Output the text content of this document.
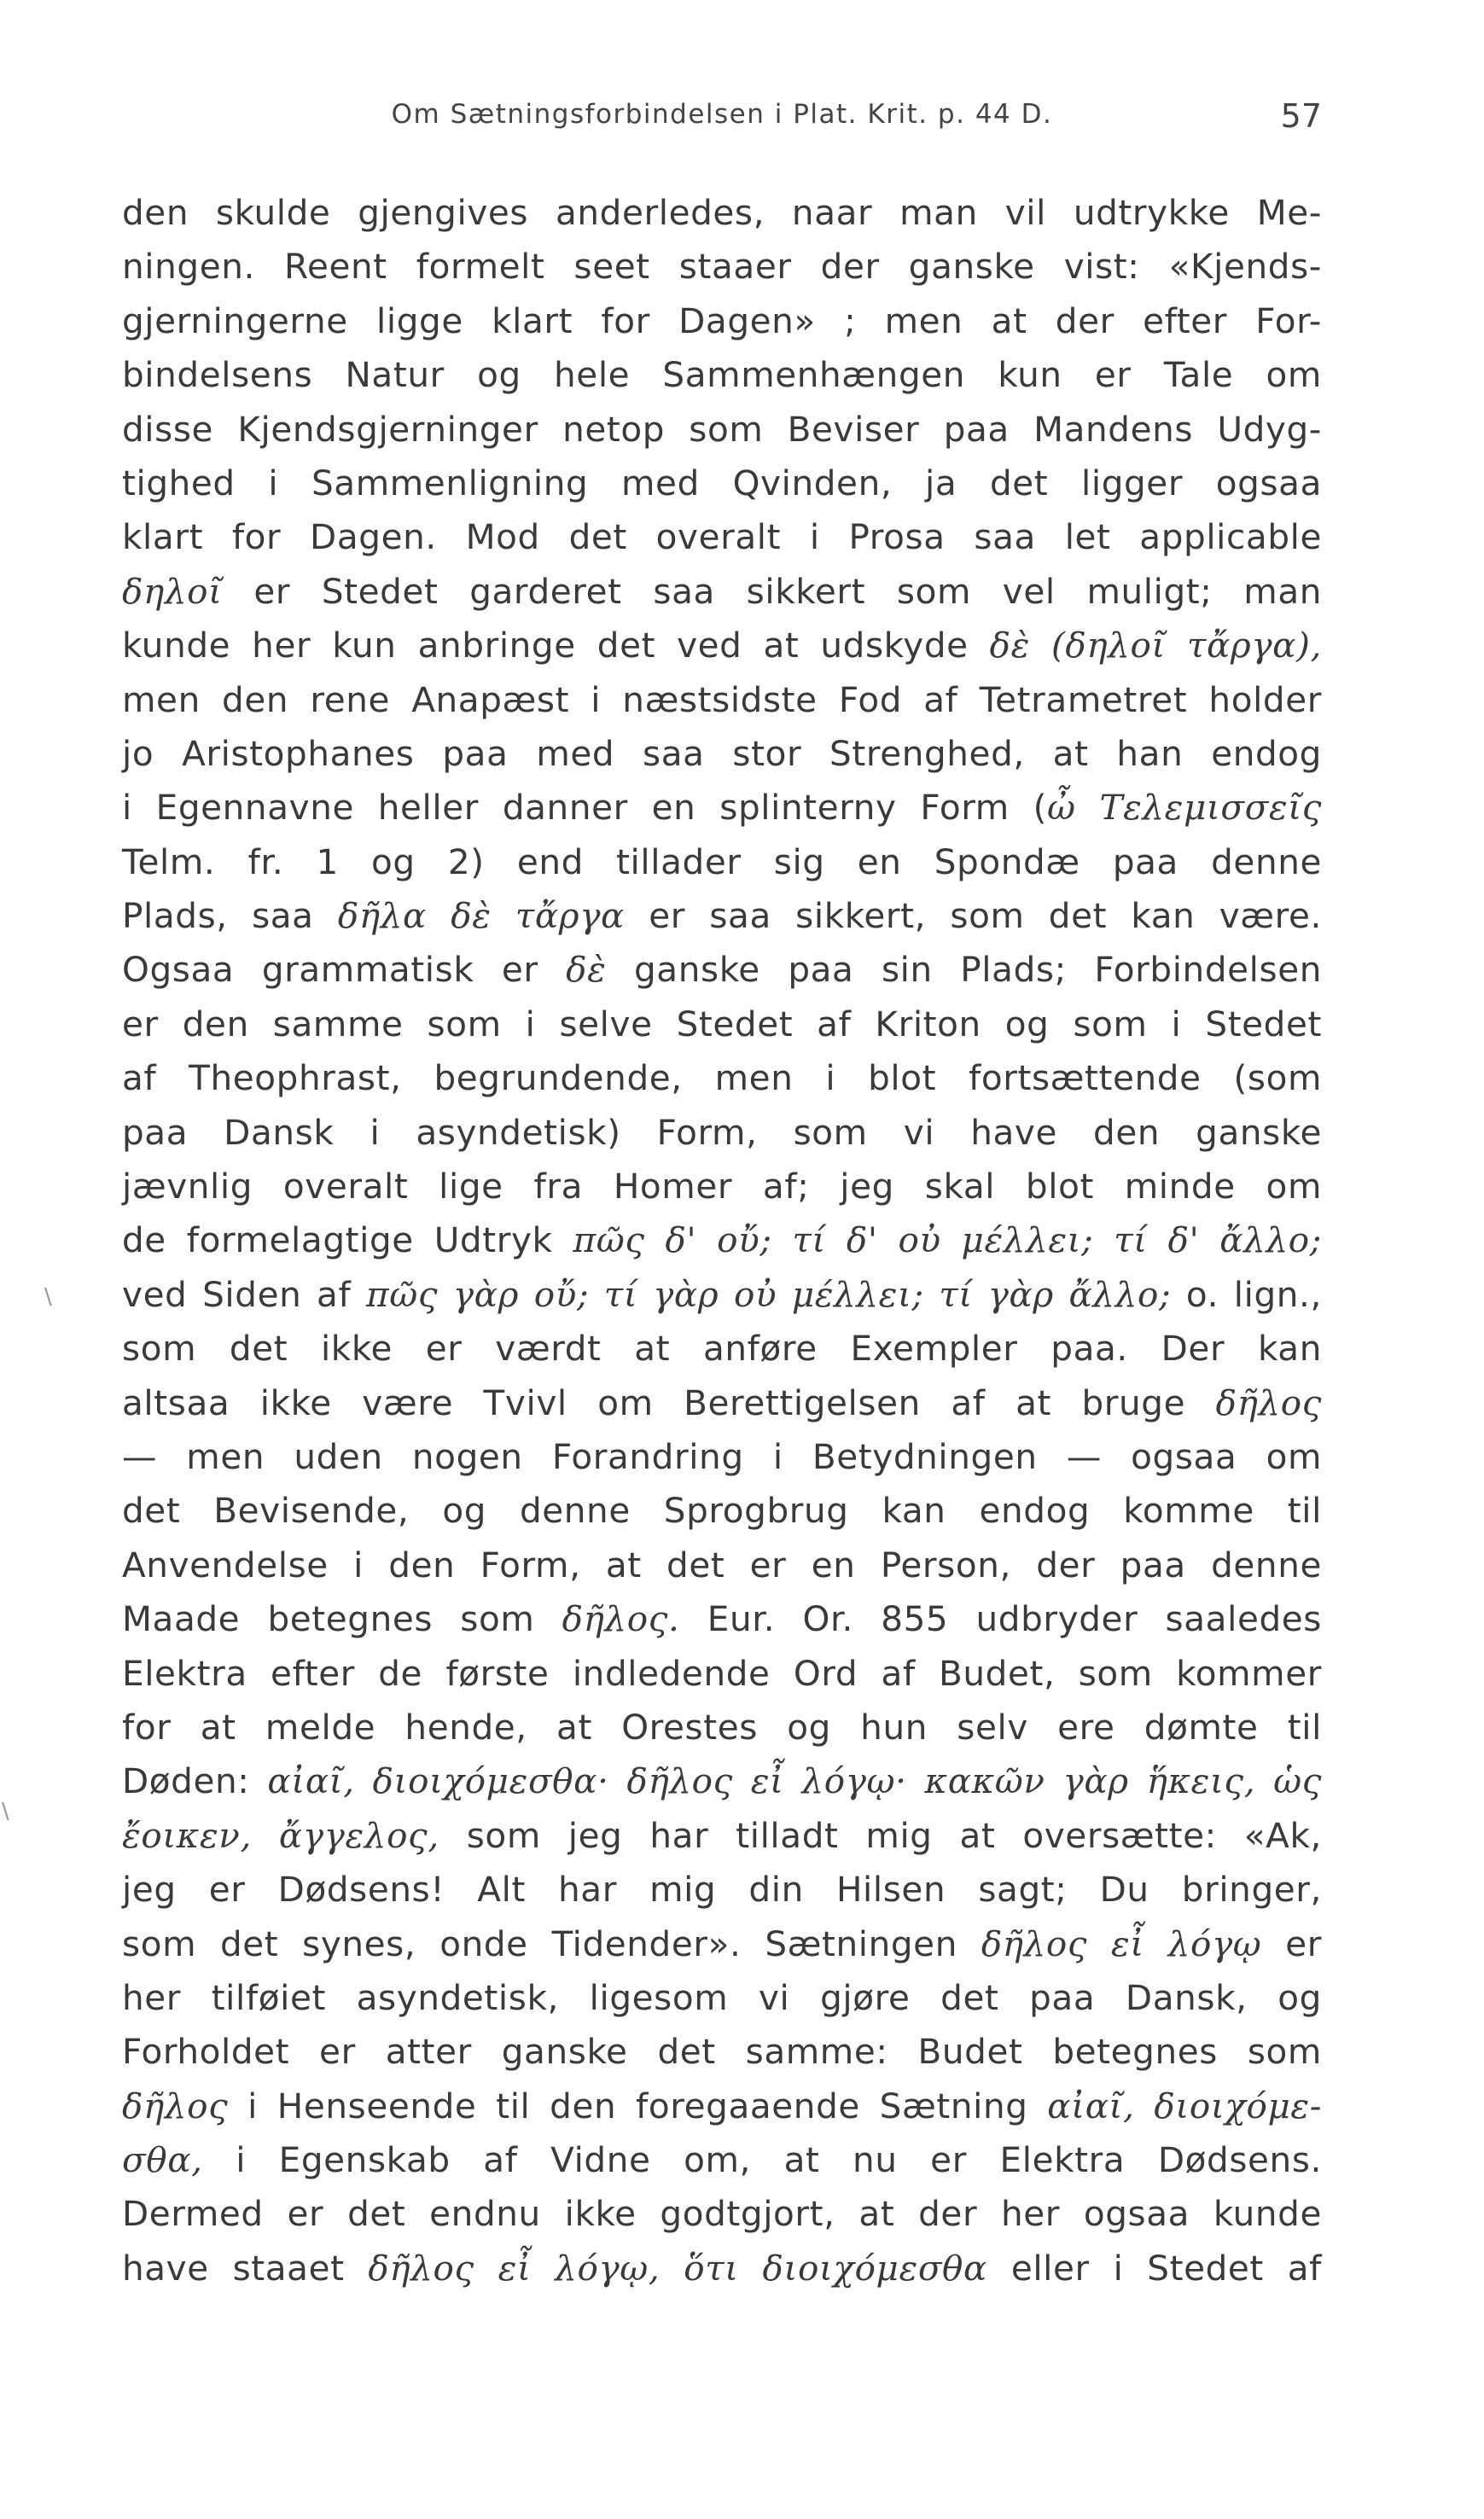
Om Sætningsforbindelsen i Plat. Krit. p. 44 D.	57
den skulde gjengives anderledes, naar man vil udtrykke Me-
ningen. Reent formelt seet staaer der ganske vist: «Kjends-
gjerningerne ligge klart for Dagen» ; men at der efter For-
bindelsens Natur og hele Sammenhængen kun er Tale om
disse Kjendsgjerninger netop som Beviser paa Mandens Udyg-
tighed i Sammenligning med Qvinden, ja det ligger ogsaa
klart for Dagen. Mod det overalt i Prosa saa let applicable
δηλοῖ er Stedet garderet saa sikkert som vel muligt; man
kunde her kun anbringe det ved at udskyde δὲ (δηλοῖ τἄργα),
men den rene Anapæst i næstsidste Fod af Tetrametret holder
jo Aristophanes paa med saa stor Strenghed, at han endog
i Egennavne heller danner en splinterny Form (ὦ Τελεμισσεῖς
Telm. fr. 1 og 2) end tillader sig en Spondæ paa denne
Plads, saa δῆλα δὲ τἄργα er saa sikkert, som det kan være.
Ogsaa grammatisk er δὲ ganske paa sin Plads; Forbindelsen
er den samme som i selve Stedet af Kriton og som i Stedet
af Theophrast, begrundende, men i blot fortsættende (som
paa Dansk i asyndetisk) Form, som vi have den ganske
jævnlig overalt lige fra Homer af; jeg skal blot minde om
de formelagtige Udtryk πῶς δ' οὔ; τί δ' οὐ μέλλει; τί δ' ἄλλο;
ved Siden af πῶς γὰρ οὔ; τί γὰρ οὐ μέλλει; τί γὰρ ἄλλο; o. lign.,
som det ikke er værdt at anføre Exempler paa. Der kan
altsaa ikke være Tvivl om Berettigelsen af at bruge δῆλος
— men uden nogen Forandring i Betydningen — ogsaa om
det Bevisende, og denne Sprogbrug kan endog komme til
Anvendelse i den Form, at det er en Person, der paa denne
Maade betegnes som δῆλος. Eur. Or. 855 udbryder saaledes
Elektra efter de første indledende Ord af Budet, som kommer
for at melde hende, at Orestes og hun selv ere dømte til
Døden: αἰαῖ, διοιχόμεσθα· δῆλος εἶ λόγῳ· κακῶν γὰρ ἥκεις, ὡς
ἔοικεν, ἄγγελος, som jeg har tilladt mig at oversætte: «Ak,
jeg er Dødsens! Alt har mig din Hilsen sagt; Du bringer,
som det synes, onde Tidender». Sætningen δῆλος εἶ λόγῳ er
her tilføiet asyndetisk, ligesom vi gjøre det paa Dansk, og
Forholdet er atter ganske det samme: Budet betegnes som
δῆλος i Henseende til den foregaaende Sætning αἰαῖ, διοιχόμε-
σθα, i Egenskab af Vidne om, at nu er Elektra Dødsens.
Dermed er det endnu ikke godtgjort, at der her ogsaa kunde
have staaet δῆλος εἶ λόγῳ, ὅτι διοιχόμεσθα eller i Stedet af
\
\
